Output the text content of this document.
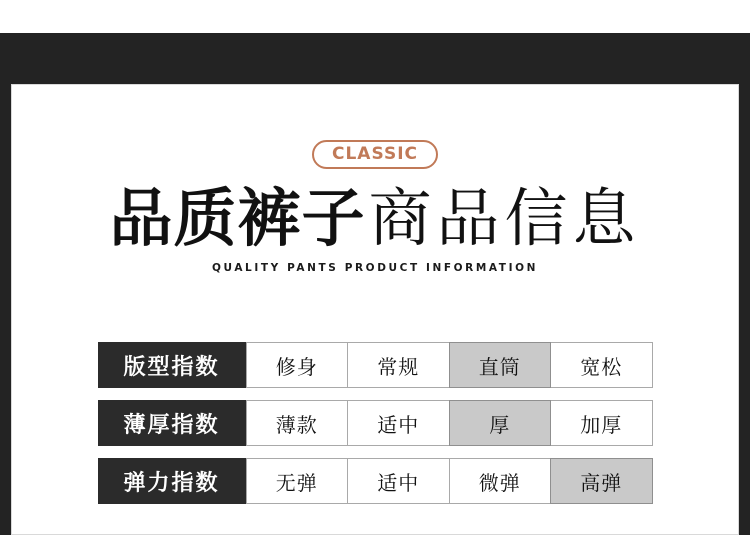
CLASSIC
品质裤子商品信息
QUALITY PANTS PRODUCT INFORMATION
版型指数	修身	常规	直筒	宽松
薄厚指数	薄款	适中	厚	加厚
弹力指数	无弹	适中	微弹	高弹
